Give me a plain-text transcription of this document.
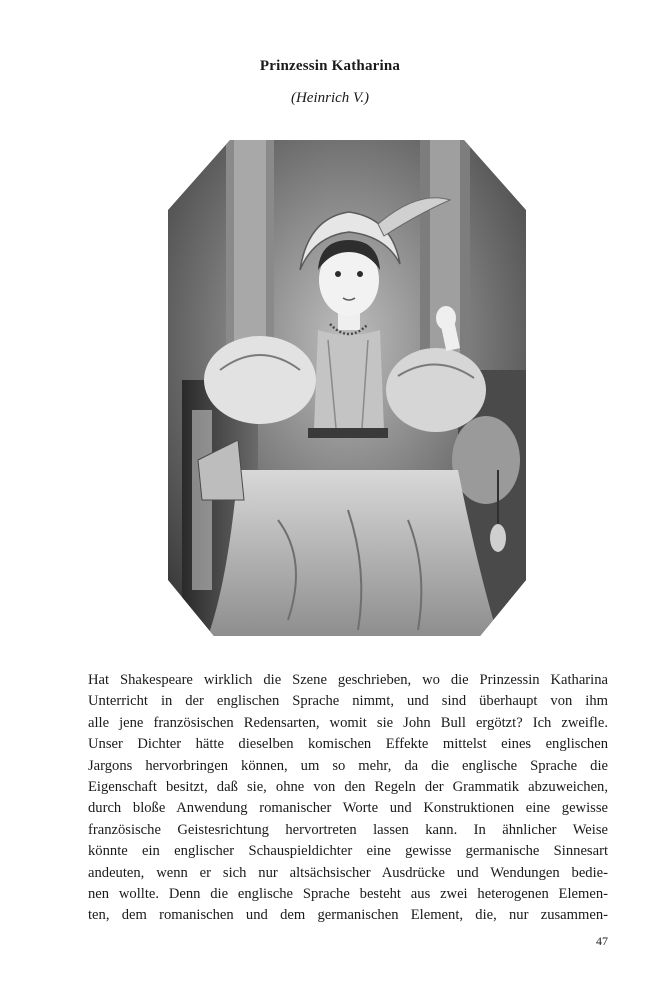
Prinzessin Katharina
(Heinrich V.)
Hat Shakespeare wirklich die Szene geschrieben, wo die Prinzessin Katharina
Unterricht in der englischen Sprache nimmt, und sind überhaupt von ihm
alle jene französischen Redensarten, womit sie John Bull ergötzt? Ich zweifle.
Unser Dichter hätte dieselben komischen Effekte mittelst eines englischen
Jargons hervorbringen können, um so mehr, da die englische Sprache die
Eigenschaft besitzt, daß sie, ohne von den Regeln der Grammatik abzuweichen,
durch bloße Anwendung romanischer Worte und Konstruktionen eine gewisse
französische Geistesrichtung hervortreten lassen kann. In ähnlicher Weise
könnte ein englischer Schauspieldichter eine gewisse germanische Sinnesart
andeuten, wenn er sich nur altsächsischer Ausdrücke und Wendungen bedie-
nen wollte. Denn die englische Sprache besteht aus zwei heterogenen Elemen-
ten, dem romanischen und dem germanischen Element, die, nur zusammen-
47
